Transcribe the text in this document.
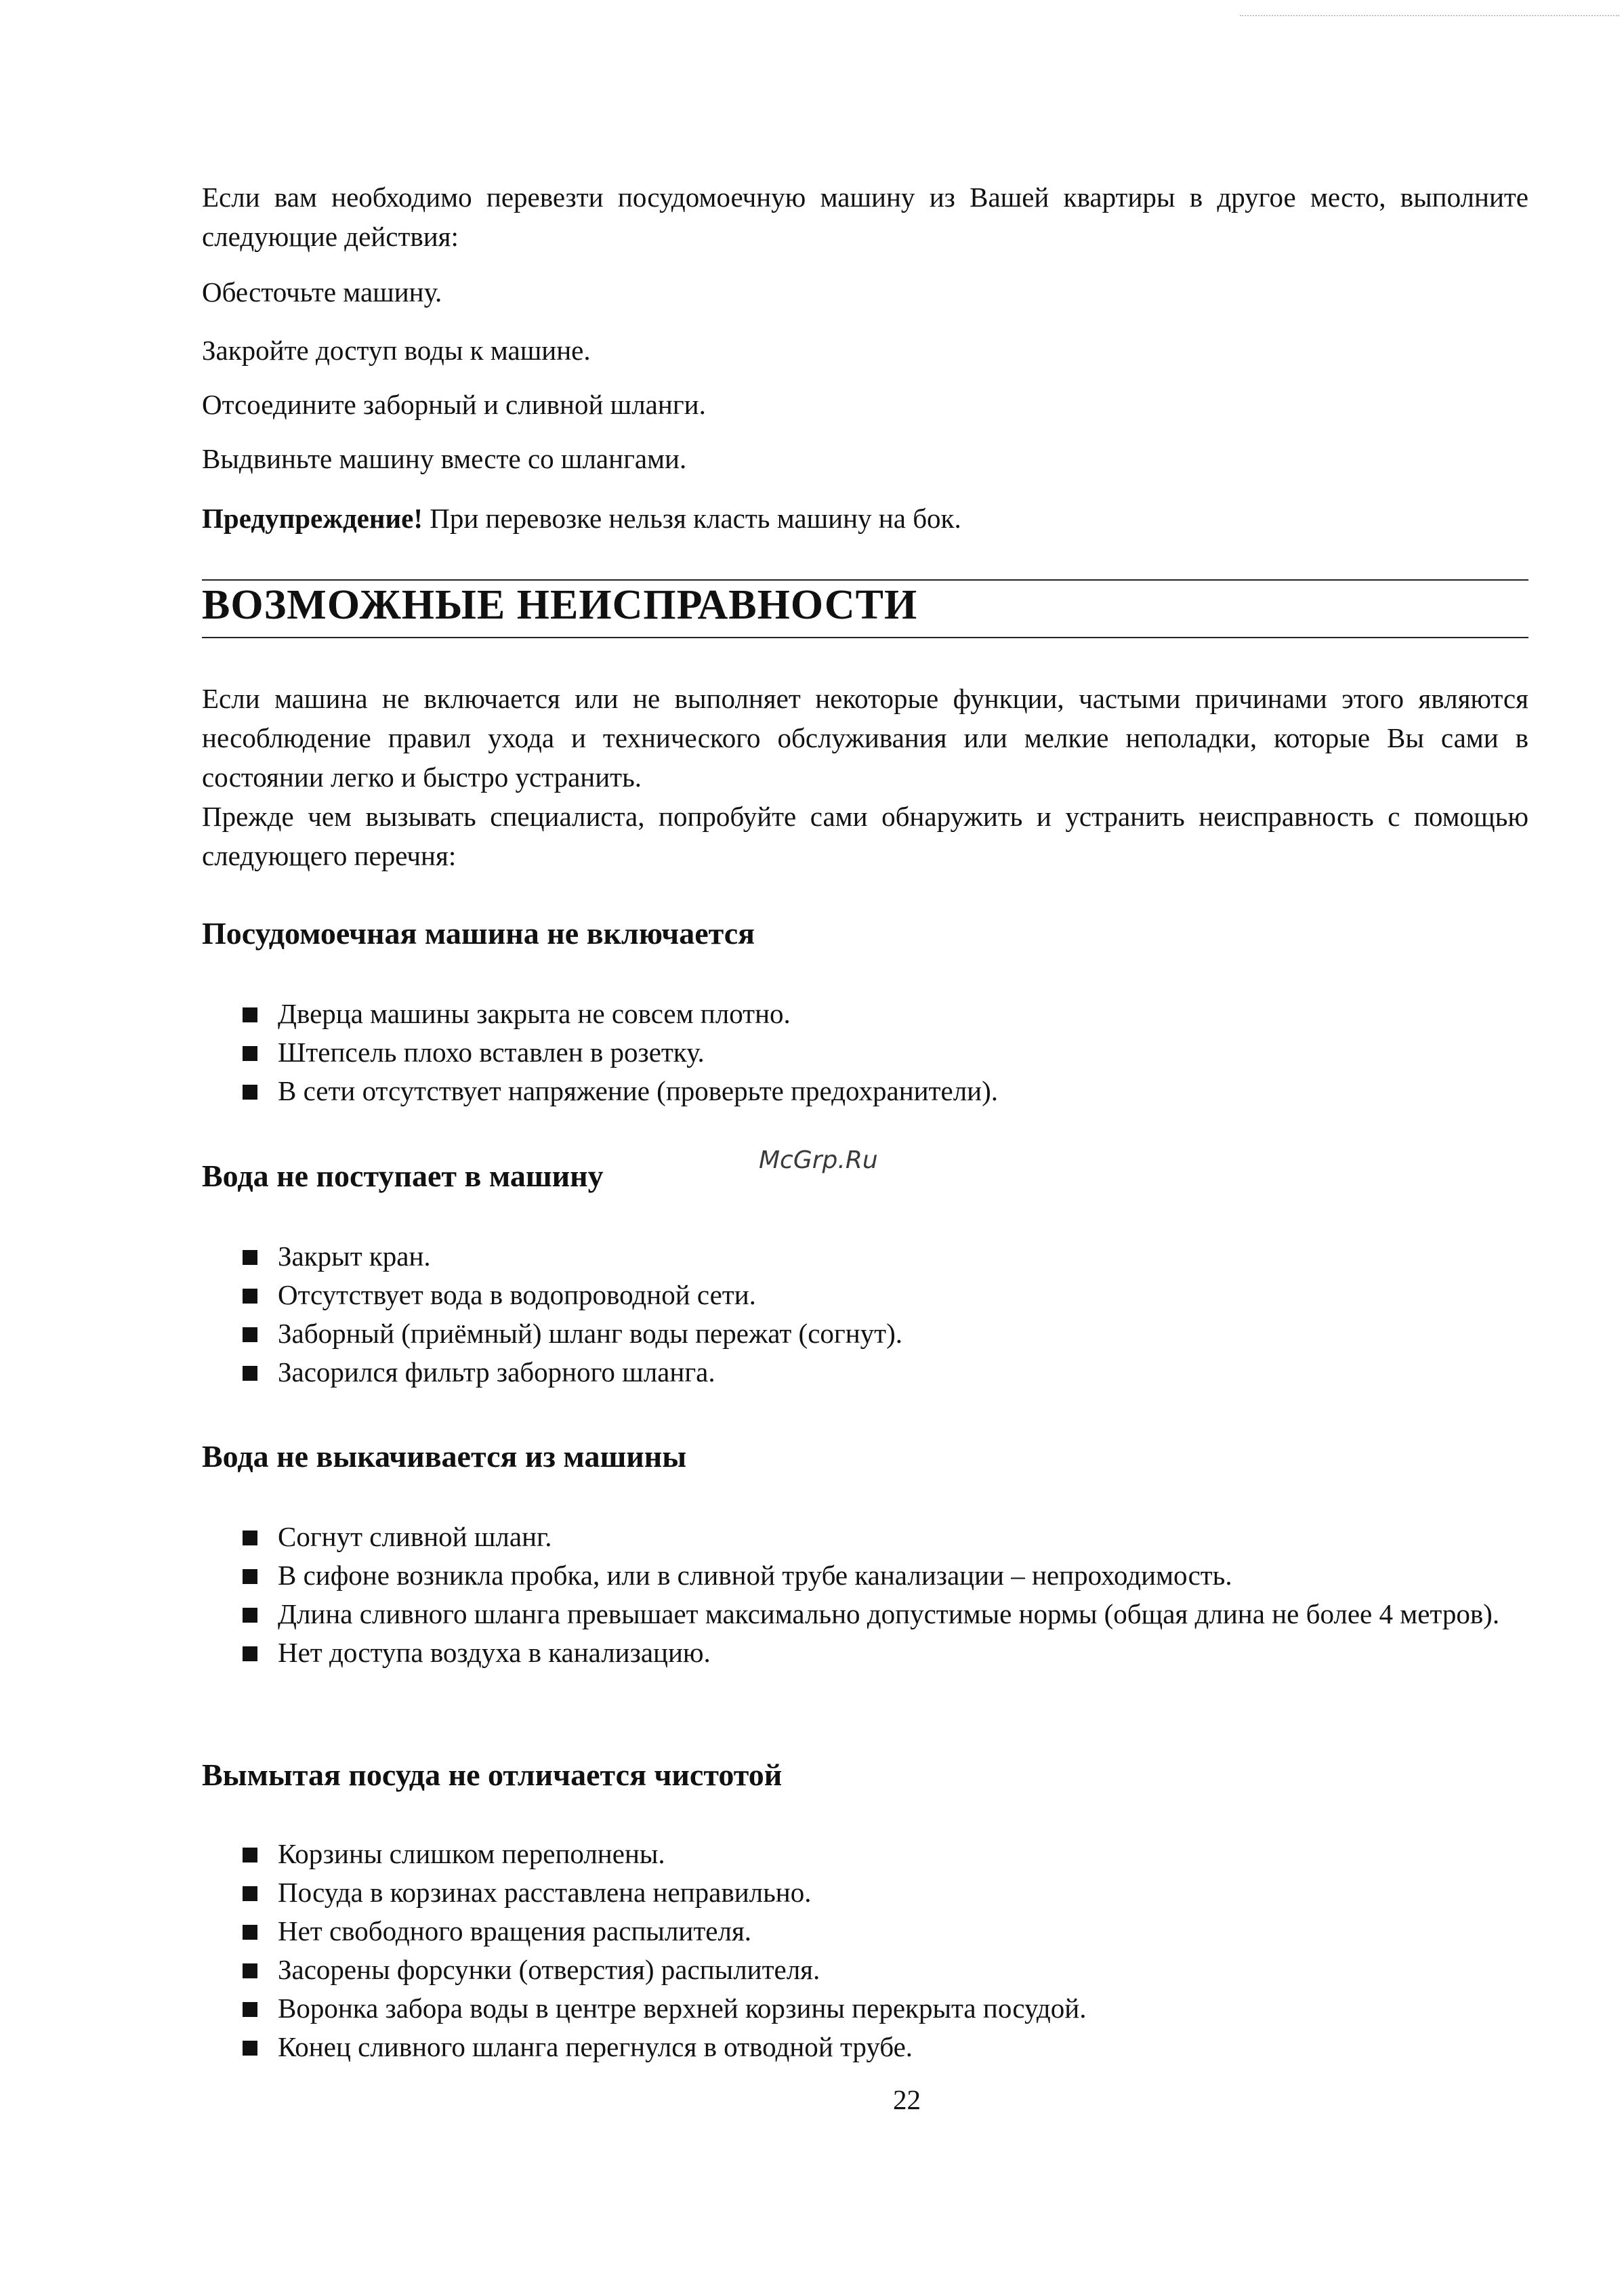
Если вам необходимо перевезти посудомоечную машину из Вашей квартиры в другое место, выполните следующие действия:

Обесточьте машину.

Закройте доступ воды к машине.

Отсоедините заборный и сливной шланги.

Выдвиньте машину вместе со шлангами.

Предупреждение! При перевозке нельзя класть машину на бок.

ВОЗМОЖНЫЕ НЕИСПРАВНОСТИ

Если машина не включается или не выполняет некоторые функции, частыми причинами этого являются несоблюдение правил ухода и технического обслуживания или мелкие неполадки, которые Вы сами в состоянии легко и быстро устранить.

Прежде чем вызывать специалиста, попробуйте сами обнаружить и устранить неисправность с помощью следующего перечня:

Посудомоечная машина не включается
Дверца машины закрыта не совсем плотно.
Штепсель плохо вставлен в розетку.
В сети отсутствует напряжение (проверьте предохранители).
Вода не поступает в машину
Закрыт кран.
Отсутствует вода в водопроводной сети.
Заборный (приёмный) шланг воды пережат (согнут).
Засорился фильтр заборного шланга.
Вода не выкачивается из машины
Согнут сливной шланг.
В сифоне возникла пробка, или в сливной трубе канализации – непроходимость.
Длина сливного шланга превышает максимально допустимые нормы (общая длина не более 4 метров).
Нет доступа воздуха в канализацию.
Вымытая посуда не отличается чистотой
Корзины слишком переполнены.
Посуда в корзинах расставлена неправильно.
Нет свободного вращения распылителя.
Засорены форсунки (отверстия) распылителя.
Воронка забора воды в центре верхней корзины перекрыта посудой.
Конец сливного шланга перегнулся в отводной трубе.
McGrp.Ru
22
